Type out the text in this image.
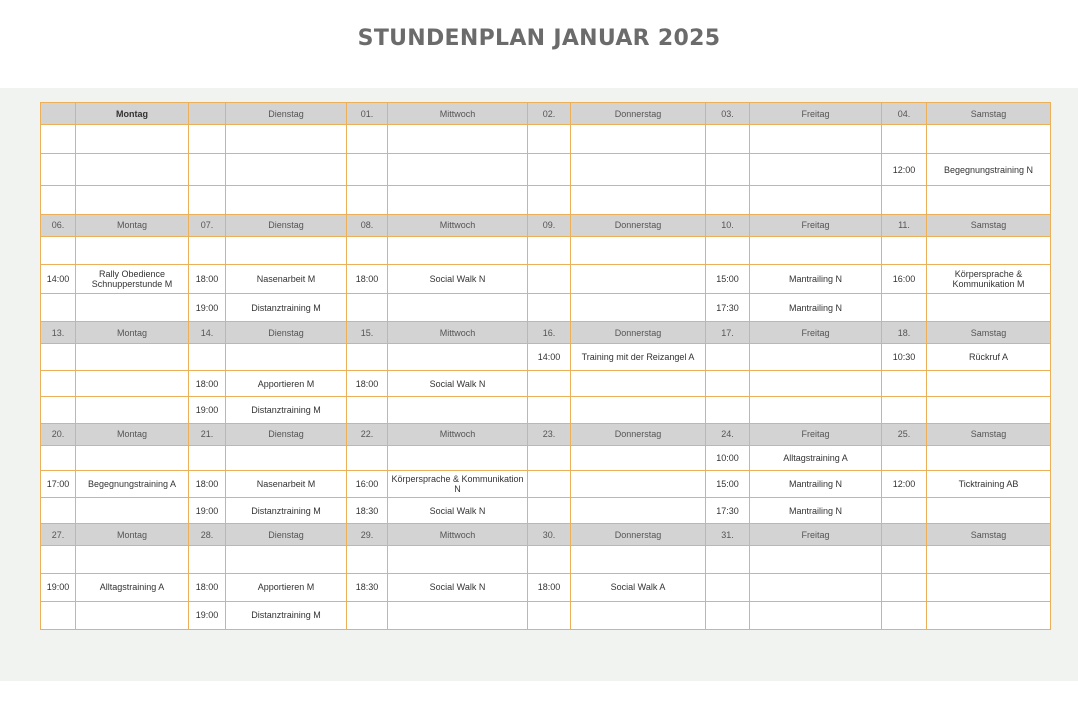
STUNDENPLAN JANUAR 2025
	Montag		Dienstag	01.	Mittwoch	02.	Donnerstag	03.	Freitag	04.	Samstag

										12:00	Begegnungstraining N

06.	Montag	07.	Dienstag	08.	Mittwoch	09.	Donnerstag	10.	Freitag	11.	Samstag

14:00	Rally Obedience Schnupperstunde M	18:00	Nasenarbeit M	18:00	Social Walk N			15:00	Mantrailing N	16:00	Körpersprache & Kommunikation M
		19:00	Distanztraining M					17:30	Mantrailing N		
13.	Montag	14.	Dienstag	15.	Mittwoch	16.	Donnerstag	17.	Freitag	18.	Samstag
						14:00	Training mit der Reizangel A			10:30	Rückruf A
		18:00	Apportieren M	18:00	Social Walk N						
		19:00	Distanztraining M								
20.	Montag	21.	Dienstag	22.	Mittwoch	23.	Donnerstag	24.	Freitag	25.	Samstag
								10:00	Alltagstraining A		
17:00	Begegnungstraining A	18:00	Nasenarbeit M	16:00	Körpersprache & Kommunikation N			15:00	Mantrailing N	12:00	Ticktraining AB
		19:00	Distanztraining M	18:30	Social Walk N			17:30	Mantrailing N		
27.	Montag	28.	Dienstag	29.	Mittwoch	30.	Donnerstag	31.	Freitag		Samstag

19:00	Alltagstraining A	18:00	Apportieren M	18:30	Social Walk N	18:00	Social Walk A				
		19:00	Distanztraining M								
